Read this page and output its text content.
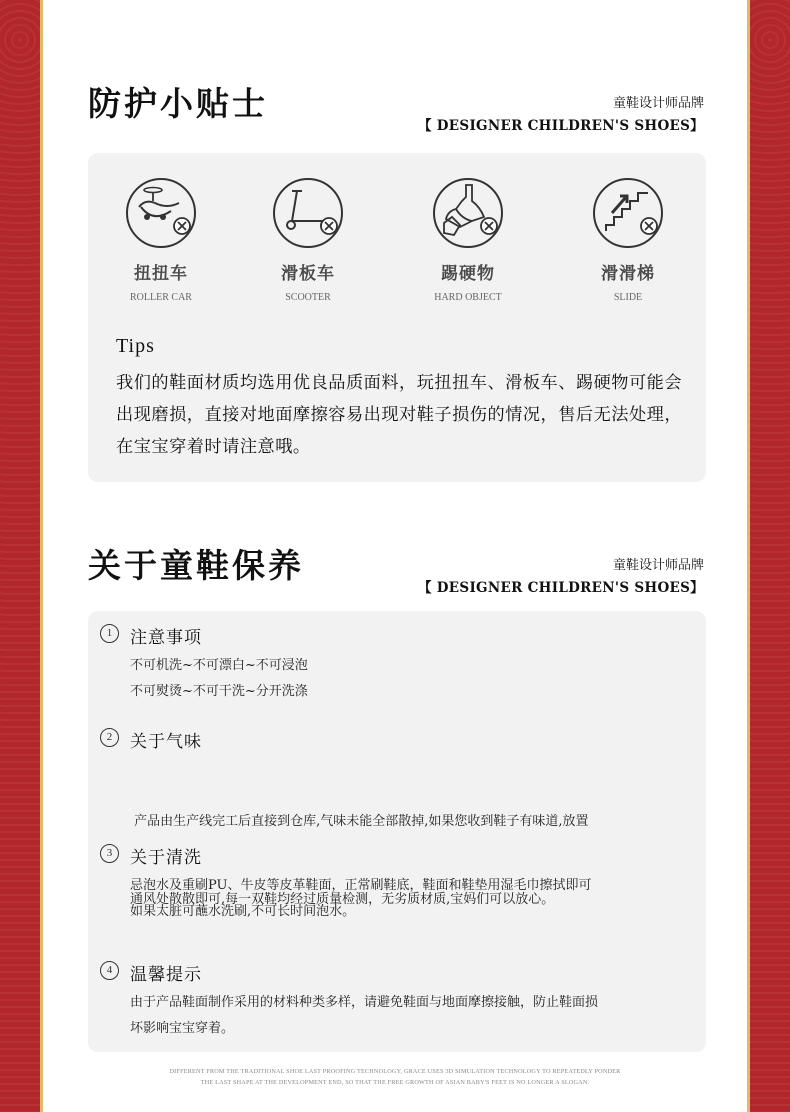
防护小贴士	童鞋设计师品牌
【 DESIGNER CHILDREN'S SHOES】
扭扭车
ROLLER CAR
滑板车
SCOOTER
踢硬物
HARD OBJECT
滑滑梯
SLIDE
Tips
我们的鞋面材质均选用优良品质面料，玩扭扭车、滑板车、踢硬物可能会出现磨损，直接对地面摩擦容易出现对鞋子损伤的情况，售后无法处理，在宝宝穿着时请注意哦。
关于童鞋保养	童鞋设计师品牌
【 DESIGNER CHILDREN'S SHOES】
1	注意事项
不可机洗~不可漂白~不可浸泡
不可熨烫~不可干洗~分开洗涤
2	关于气味

产品由生产线完工后直接到仓库,气味未能全部散掉,如果您收到鞋子有味道,放置

通风处散散即可,每一双鞋均经过质量检测，无劣质材质,宝妈们可以放心。

3	关于清洗
忌泡水及重刷PU、牛皮等皮革鞋面，正常刷鞋底，鞋面和鞋垫用湿毛巾擦拭即可
如果太脏可蘸水洗刷,不可长时间泡水。
4	温馨提示
由于产品鞋面制作采用的材料种类多样，请避免鞋面与地面摩擦接触，防止鞋面损
坏影响宝宝穿着。
DIFFERENT FROM THE TRADITIONAL SHOE LAST PROOFING TECHNOLOGY, GRACE USES 3D SIMULATION TECHNOLOGY TO REPEATEDLY PONDER
THE LAST SHAPE AT THE DEVELOPMENT END, SO THAT THE FREE GROWTH OF ASIAN BABY'S FEET IS NO LONGER A SLOGAN.
